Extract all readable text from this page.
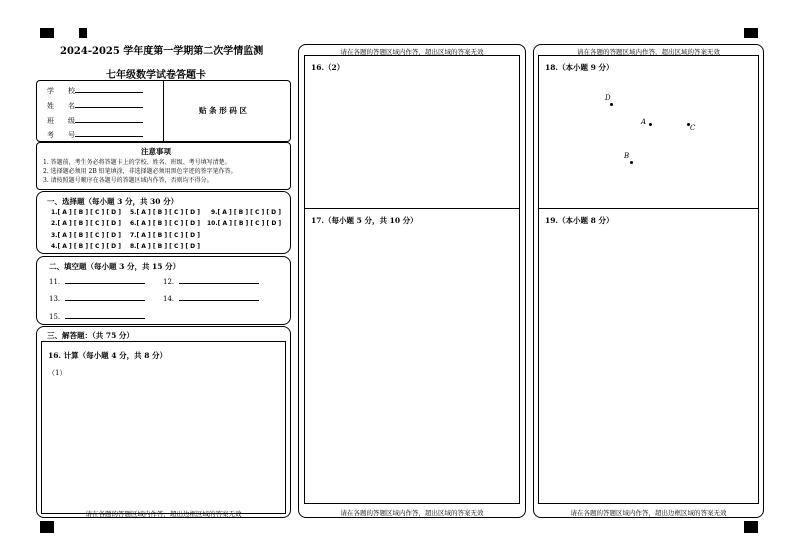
2024-2025 学年度第一学期第二次学情监测
七年级数学试卷答题卡
学　　校
姓　　名
班　　级
考　　号
贴 条 形 码 区
注意事项
1. 答题前，考生务必将答题卡上的学校、姓名、班级、考号填写清楚。
2. 选择题必须用 2B 铅笔填涂，非选择题必须用黑色字迹的签字笔作答。
3. 请按照题号顺序在各题号的答题区域内作答，否则均不得分。
一、选择题（每小题 3 分，共 30 分）
1.[ A ] [ B ] [ C ] [ D ]
2.[ A ] [ B ] [ C ] [ D ]
3.[ A ] [ B ] [ C ] [ D ]
4.[ A ] [ B ] [ C ] [ D ]
5.[ A ] [ B ] [ C ] [ D ]
6.[ A ] [ B ] [ C ] [ D ]
7.[ A ] [ B ] [ C ] [ D ]
8.[ A ] [ B ] [ C ] [ D ]
9.[ A ] [ B ] [ C ] [ D ]
10.[ A ] [ B ] [ C ] [ D ]
二、填空题（每小题 3 分，共 15 分）
11.	12.
13.	14.
15.
三、解答题：（共 75 分）
16. 计算（每小题 4 分，共 8 分）
（1）
请在各题的答题区域内作答，超出边框区域的答案无效
请在各题的答题区域内作答，超出区域的答案无效
16.（2）
17.（每小题 5 分，共 10 分）
请在各题的答题区域内作答，超出区域的答案无效
请在各题的答题区域内作答，超出区域的答案无效
18.（本小题 9 分）
D
A
C
B
19.（本小题 8 分）
请在各题的答题区域内作答，超出边框区域的答案无效
